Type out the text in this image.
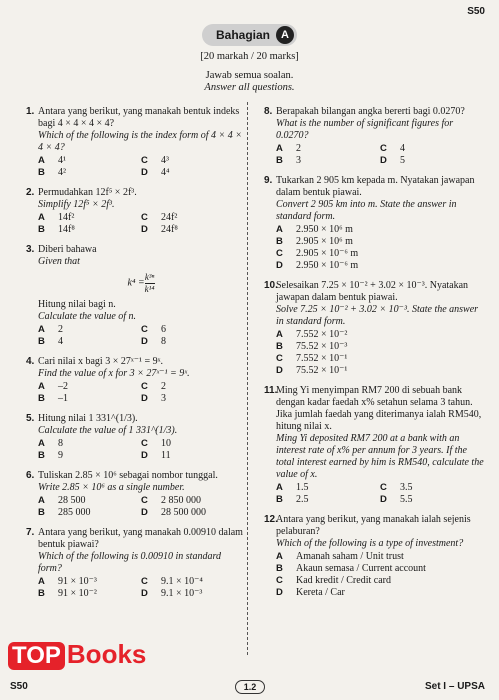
S50
Bahagian	A
[20 markah / 20 marks]
Jawab semua soalan.
Answer all questions.
1. Antara yang berikut, yang manakah bentuk indeks bagi 4 × 4 × 4 × 4?
Which of the following is the index form of 4 × 4 × 4 × 4?
A	4¹	C	4³
B	4²	D	4⁴
2. Permudahkan 12f⁵ × 2f³.
Simplify 12f⁵ × 2f³.
A	14f²	C	24f²
B	14f⁸	D	24f⁸
3. Diberi bahawa
Given that
$k^4 = \frac{\text{k³ⁿ}}{\text{k¹⁴}}$
Hitung nilai bagi n.
Calculate the value of n.
A	2	C	6
B	4	D	8
4. Cari nilai x bagi 3 × 27ˣ⁻¹ = 9ˣ.
Find the value of x for 3 × 27ˣ⁻¹ = 9ˣ.
A	–2	C	2
B	–1	D	3
5. Hitung nilai 1 331^(1/3).
Calculate the value of 1 331^(1/3).
A	8	C	10
B	9	D	11
6. Tuliskan 2.85 × 10⁶ sebagai nombor tunggal.
Write 2.85 × 10⁶ as a single number.
A	28 500	C	2 850 000
B	285 000	D	28 500 000
7. Antara yang berikut, yang manakah 0.00910 dalam bentuk piawai?
Which of the following is 0.00910 in standard form?
A	91 × 10⁻³	C	9.1 × 10⁻⁴
B	91 × 10⁻²	D	9.1 × 10⁻³
8. Berapakah bilangan angka bererti bagi 0.0270?
What is the number of significant figures for 0.0270?
A	2	C	4
B	3	D	5
9. Tukarkan 2 905 km kepada m. Nyatakan jawapan dalam bentuk piawai.
Convert 2 905 km into m. State the answer in standard form.
A	2.950 × 10⁶ m
B	2.905 × 10⁶ m
C	2.905 × 10⁻⁶ m
D	2.950 × 10⁻⁶ m
10.
Selesaikan 7.25 × 10⁻² + 3.02 × 10⁻³. Nyatakan jawapan dalam bentuk piawai.
Solve 7.25 × 10⁻² + 3.02 × 10⁻³. State the answer in standard form.
A	7.552 × 10⁻²
B	75.52 × 10⁻³
C	7.552 × 10⁻¹
D	75.52 × 10⁻¹
11.
Ming Yi menyimpan RM7 200 di sebuah bank dengan kadar faedah x% setahun selama 3 tahun. Jika jumlah faedah yang diterimanya ialah RM540, hitung nilai x.
Ming Yi deposited RM7 200 at a bank with an interest rate of x% per annum for 3 years. If the total interest earned by him is RM540, calculate the value of x.
A	1.5	C	3.5
B	2.5	D	5.5
12.
Antara yang berikut, yang manakah ialah sejenis pelaburan?
Which of the following is a type of investment?
A	Amanah saham / Unit trust
B	Akaun semasa / Current account
C	Kad kredit / Credit card
D	Kereta / Car
TOP Books
S50	1.2	Set I – UPSA
